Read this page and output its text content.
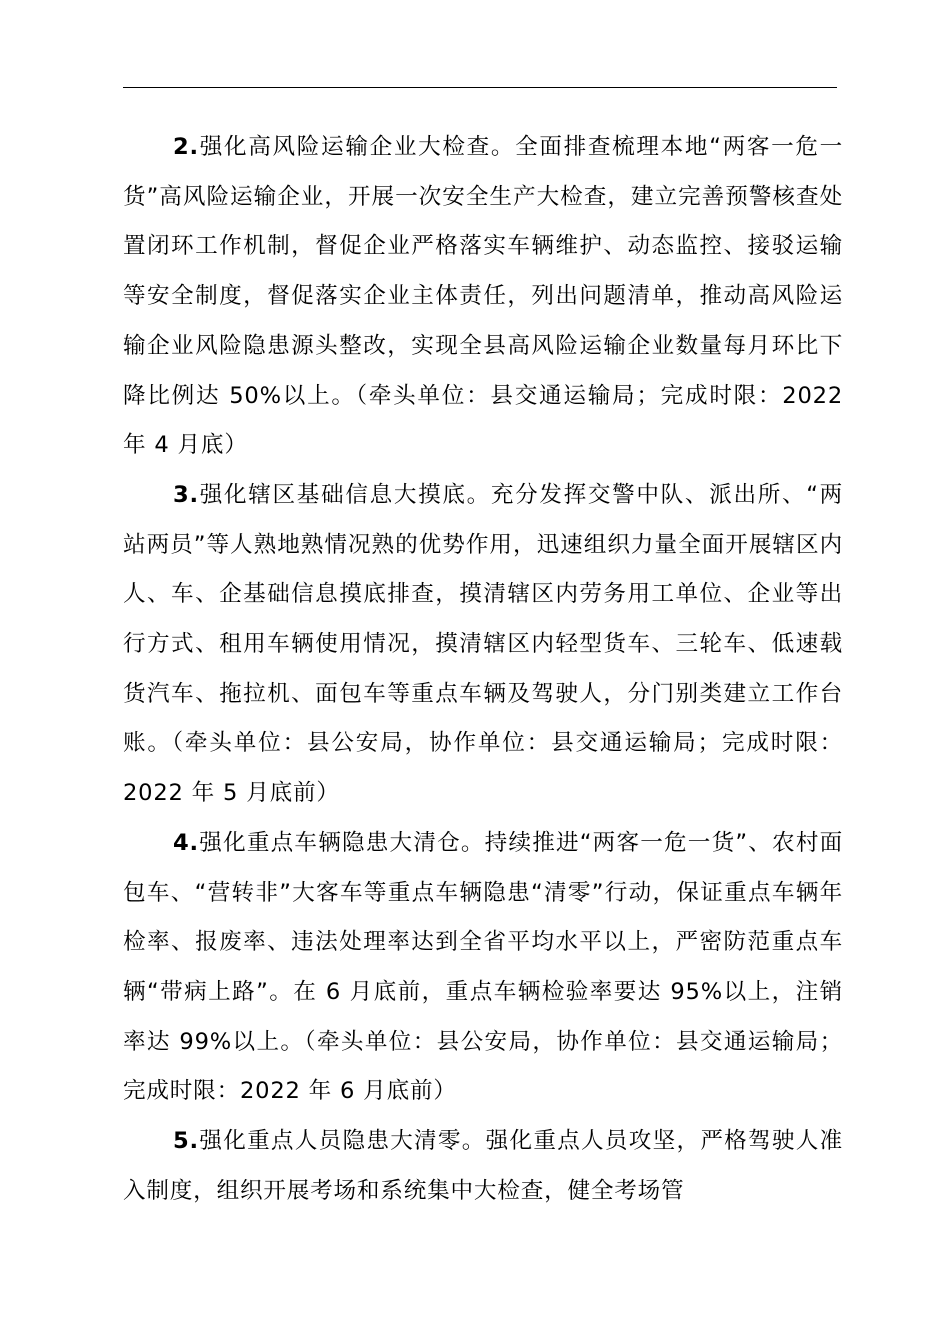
2.强化高风险运输企业大检查。全面排查梳理本地“两客一危一货”高风险运输企业，开展一次安全生产大检查，建立完善预警核查处置闭环工作机制，督促企业严格落实车辆维护、动态监控、接驳运输等安全制度，督促落实企业主体责任，列出问题清单，推动高风险运输企业风险隐患源头整改，实现全县高风险运输企业数量每月环比下降比例达 50%以上。（牵头单位：县交通运输局；完成时限：2022 年 4 月底）

3.强化辖区基础信息大摸底。充分发挥交警中队、派出所、“两站两员”等人熟地熟情况熟的优势作用，迅速组织力量全面开展辖区内人、车、企基础信息摸底排查，摸清辖区内劳务用工单位、企业等出行方式、租用车辆使用情况，摸清辖区内轻型货车、三轮车、低速载货汽车、拖拉机、面包车等重点车辆及驾驶人，分门别类建立工作台账。（牵头单位：县公安局，协作单位：县交通运输局；完成时限：2022 年 5 月底前）

4.强化重点车辆隐患大清仓。持续推进“两客一危一货”、农村面包车、“营转非”大客车等重点车辆隐患“清零”行动，保证重点车辆年检率、报废率、违法处理率达到全省平均水平以上，严密防范重点车辆“带病上路”。在 6 月底前，重点车辆检验率要达 95%以上，注销率达 99%以上。（牵头单位：县公安局，协作单位：县交通运输局；完成时限：2022 年 6 月底前）

5.强化重点人员隐患大清零。强化重点人员攻坚，严格驾驶人准入制度，组织开展考场和系统集中大检查，健全考场管
